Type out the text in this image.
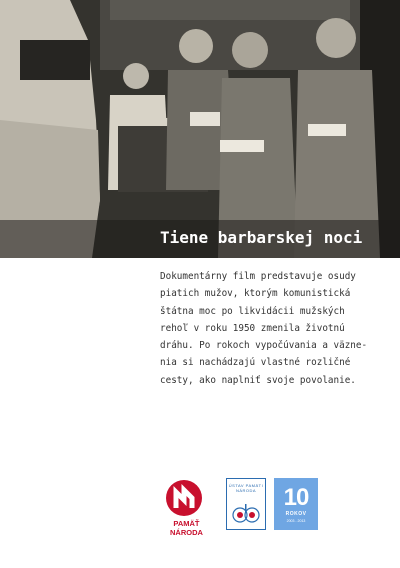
Tiene barbarskej noci
Dokumentárny film predstavuje osudy
piatich mužov, ktorým komunistická
štátna moc po likvidácii mužských
rehoľ v roku 1950 zmenila životnú
dráhu. Po rokoch vypočúvania a väzne-
nia si nachádzajú vlastné rozličné
cesty, ako naplniť svoje povolanie.
PAMÄŤ
NÁRODA
ÚSTAV PAMÄTI NÁRODA	10
ROKOV
2003 - 2013
